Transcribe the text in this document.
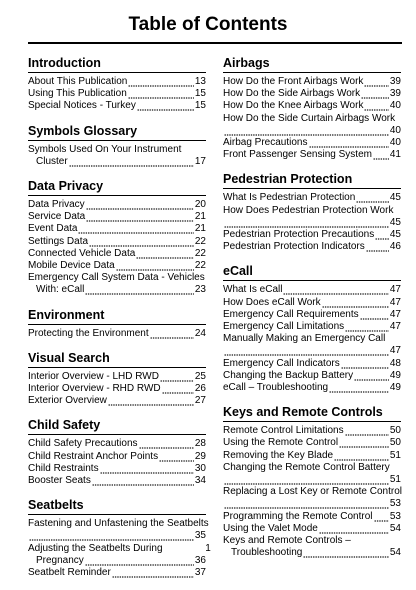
Table of Contents
Introduction
About This Publication	13
Using This Publication	15
Special Notices - Turkey	15
Symbols Glossary
Symbols Used On Your Instrument
Cluster	17
Data Privacy
Data Privacy	20
Service Data	21
Event Data	21
Settings Data	22
Connected Vehicle Data	22
Mobile Device Data	22
Emergency Call System Data - Vehicles
With: eCall	23
Environment
Protecting the Environment	24
Visual Search
Interior Overview - LHD RWD	25
Interior Overview - RHD RWD	26
Exterior Overview	27
Child Safety
Child Safety Precautions	28
Child Restraint Anchor Points	29
Child Restraints	30
Booster Seats	34
Seatbelts
Fastening and Unfastening the Seatbelts
35
Adjusting the Seatbelts During
Pregnancy	36
Seatbelt Reminder	37
Airbags
How Do the Front Airbags Work	39
How Do the Side Airbags Work	39
How Do the Knee Airbags Work	40
How Do the Side Curtain Airbags Work
40
Airbag Precautions	40
Front Passenger Sensing System 41
Pedestrian Protection
What Is Pedestrian Protection	45
How Does Pedestrian Protection Work
45
Pedestrian Protection Precautions 45
Pedestrian Protection Indicators	46
eCall
What Is eCall	47
How Does eCall Work	47
Emergency Call Requirements	47
Emergency Call Limitations	47
Manually Making an Emergency Call
47
Emergency Call Indicators	48
Changing the Backup Battery	49
eCall – Troubleshooting	49
Keys and Remote Controls
Remote Control Limitations	50
Using the Remote Control	50
Removing the Key Blade	51
Changing the Remote Control Battery
51
Replacing a Lost Key or Remote Control
53
Programming the Remote Control 53
Using the Valet Mode	54
Keys and Remote Controls –
Troubleshooting	54
1
